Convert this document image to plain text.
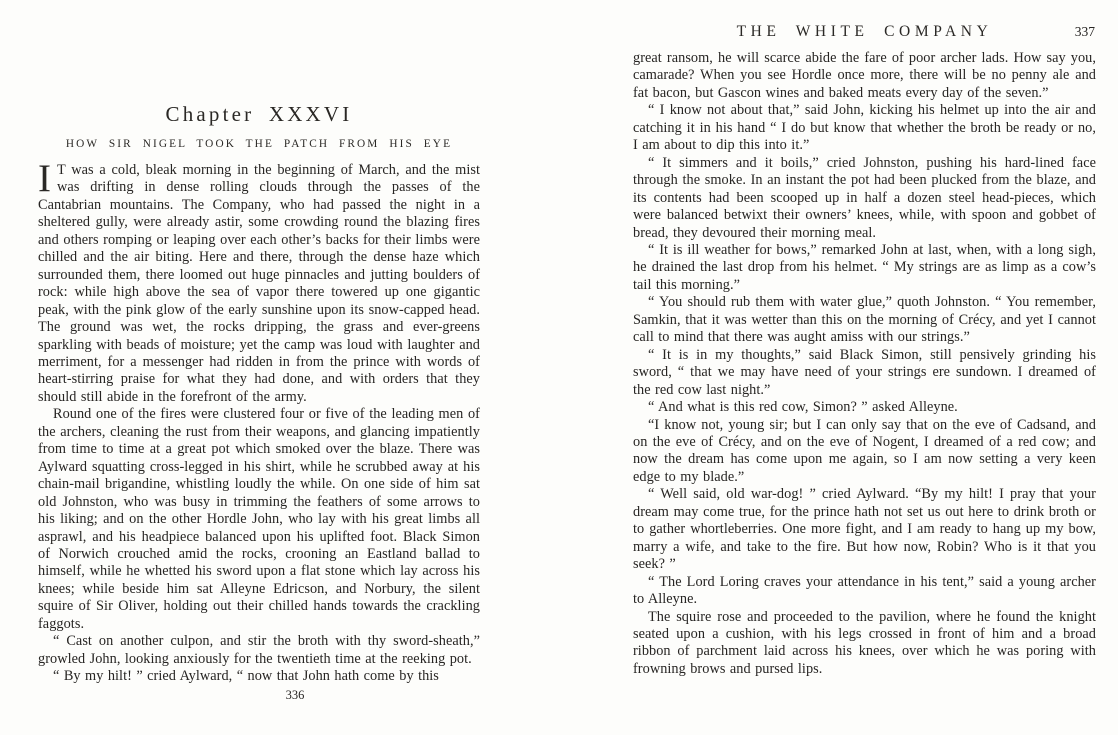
Chapter XXXVI
HOW SIR NIGEL TOOK THE PATCH FROM HIS EYE

I T was a cold, bleak morning in the beginning of March, and the mist was drifting in dense rolling clouds through the passes of the Cantabrian mountains. The Company, who had passed the night in a sheltered gully, were already astir, some crowding round the blazing fires and others romping or leaping over each other’s backs for their limbs were chilled and the air biting. Here and there, through the dense haze which surrounded them, there loomed out huge pinnacles and jutting boulders of rock: while high above the sea of vapor there towered up one gigantic peak, with the pink glow of the early sunshine upon its snow-capped head. The ground was wet, the rocks dripping, the grass and ever-greens sparkling with beads of moisture; yet the camp was loud with laughter and merriment, for a messenger had ridden in from the prince with words of heart-stirring praise for what they had done, and with orders that they should still abide in the forefront of the army.

Round one of the fires were clustered four or five of the leading men of the archers, cleaning the rust from their weapons, and glancing impatiently from time to time at a great pot which smoked over the blaze. There was Aylward squatting cross-legged in his shirt, while he scrubbed away at his chain-mail brigandine, whistling loudly the while. On one side of him sat old Johnston, who was busy in trimming the feathers of some arrows to his liking; and on the other Hordle John, who lay with his great limbs all asprawl, and his headpiece balanced upon his uplifted foot. Black Simon of Norwich crouched amid the rocks, crooning an Eastland ballad to himself, while he whetted his sword upon a flat stone which lay across his knees; while beside him sat Alleyne Edricson, and Norbury, the silent squire of Sir Oliver, holding out their chilled hands towards the crackling faggots.

“ Cast on another culpon, and stir the broth with thy sword-sheath,” growled John, looking anxiously for the twentieth time at the reeking pot.

“ By my hilt! ” cried Aylward, “ now that John hath come by this

336
THE WHITE COMPANY	337

great ransom, he will scarce abide the fare of poor archer lads. How say you, camarade? When you see Hordle once more, there will be no penny ale and fat bacon, but Gascon wines and baked meats every day of the seven.”

“ I know not about that,” said John, kicking his helmet up into the air and catching it in his hand “ I do but know that whether the broth be ready or no, I am about to dip this into it.”

“ It simmers and it boils,” cried Johnston, pushing his hard-lined face through the smoke. In an instant the pot had been plucked from the blaze, and its contents had been scooped up in half a dozen steel head-pieces, which were balanced betwixt their owners’ knees, while, with spoon and gobbet of bread, they devoured their morning meal.

“ It is ill weather for bows,” remarked John at last, when, with a long sigh, he drained the last drop from his helmet. “ My strings are as limp as a cow’s tail this morning.”

“ You should rub them with water glue,” quoth Johnston. “ You remember, Samkin, that it was wetter than this on the morning of Crécy, and yet I cannot call to mind that there was aught amiss with our strings.”

“ It is in my thoughts,” said Black Simon, still pensively grinding his sword, “ that we may have need of your strings ere sundown. I dreamed of the red cow last night.”

“ And what is this red cow, Simon? ” asked Alleyne.

“I know not, young sir; but I can only say that on the eve of Cadsand, and on the eve of Crécy, and on the eve of Nogent, I dreamed of a red cow; and now the dream has come upon me again, so I am now setting a very keen edge to my blade.”

“ Well said, old war-dog! ” cried Aylward. “By my hilt! I pray that your dream may come true, for the prince hath not set us out here to drink broth or to gather whortleberries. One more fight, and I am ready to hang up my bow, marry a wife, and take to the fire. But how now, Robin? Who is it that you seek? ”

“ The Lord Loring craves your attendance in his tent,” said a young archer to Alleyne.

The squire rose and proceeded to the pavilion, where he found the knight seated upon a cushion, with his legs crossed in front of him and a broad ribbon of parchment laid across his knees, over which he was poring with frowning brows and pursed lips.
